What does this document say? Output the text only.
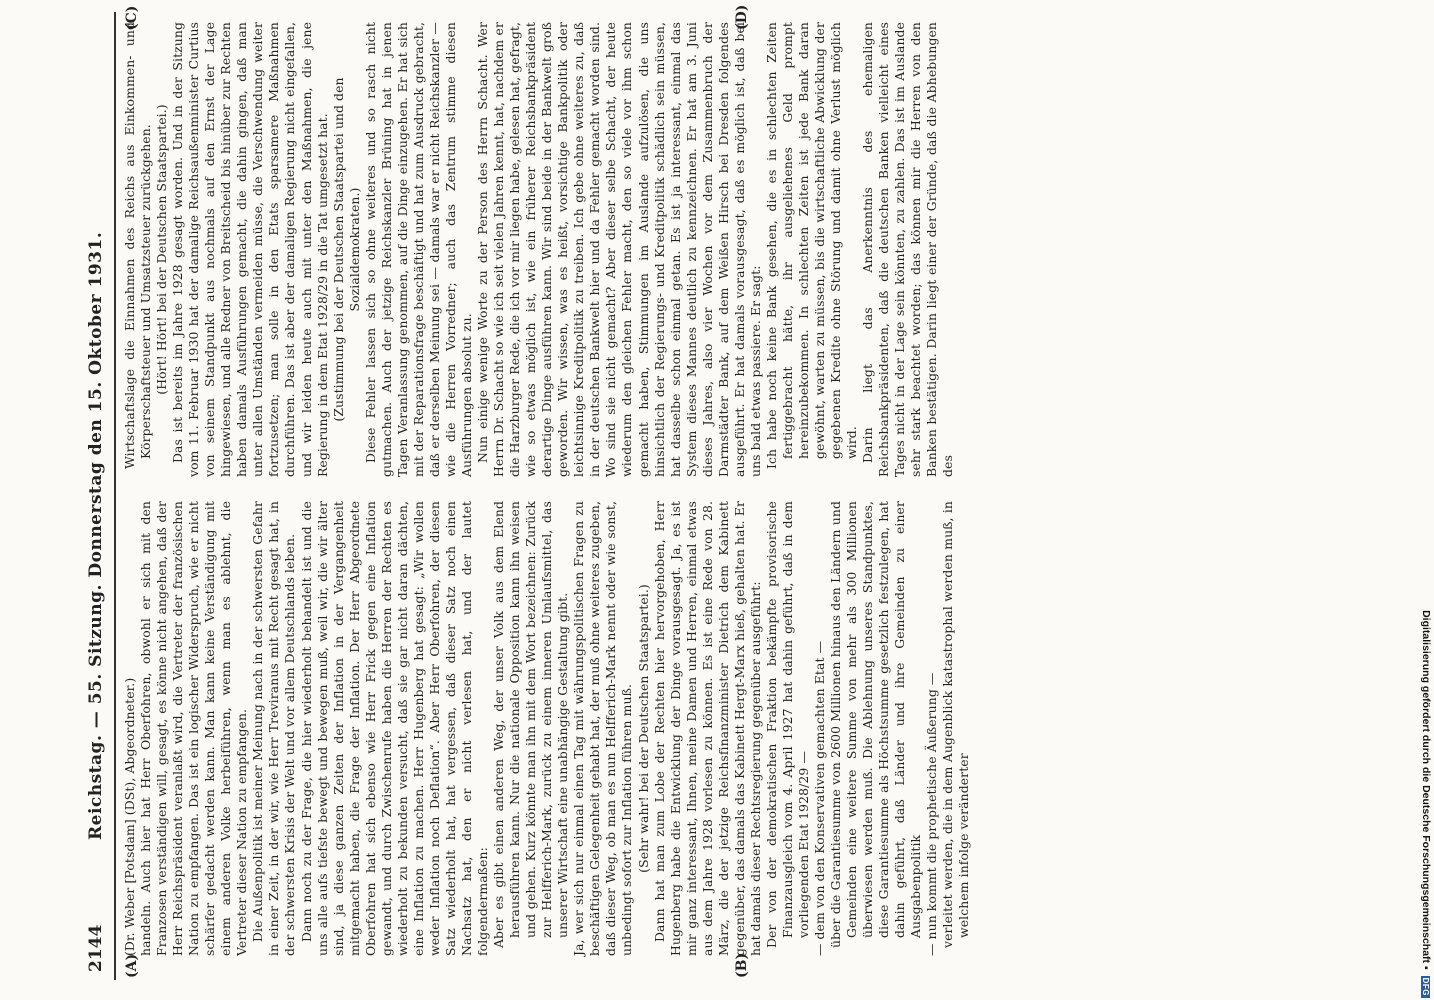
2144
Reichstag. — 55. Sitzung. Donnerstag den 15. Oktober 1931.
(A)	(B)
(C)	(D)

(Dr. Weber [Potsdam] (DSt), Abgeordneter.) handeln. Auch hier hat Herr Oberfohren, obwohl er sich mit den Franzosen verständigen will, gesagt, es könne nicht angehen, daß der Herr Reichspräsident veranlaßt wird, die Vertreter der französischen Nation zu empfangen. Das ist ein logischer Widerspruch, wie er nicht schärfer gedacht werden kann. Man kann keine Verständigung mit einem anderen Volke herbeiführen, wenn man es ablehnt, die Vertreter dieser Nation zu empfangen. Die Außenpolitik ist meiner Meinung nach in der schwersten Gefahr in einer Zeit, in der wir, wie Herr Treviranus mit Recht gesagt hat, in der schwersten Krisis der Welt und vor allem Deutschlands leben. Dann noch zu der Frage, die hier wiederholt behandelt ist und die uns alle aufs tiefste bewegt und bewegen muß, weil wir, die wir älter sind, ja diese ganzen Zeiten der Inflation in der Vergangenheit mitgemacht haben, die Frage der Inflation. Der Herr Abgeordnete Oberfohren hat sich ebenso wie Herr Frick gegen eine Inflation gewandt, und durch Zwischenrufe haben die Herren der Rechten es wiederholt zu bekunden versucht, daß sie gar nicht daran dächten, eine Inflation zu machen. Herr Hugenberg hat gesagt: „Wir wollen weder Inflation noch Deflation“. Aber Herr Oberfohren, der diesen Satz wiederholt hat, hat vergessen, daß dieser Satz noch einen Nachsatz hat, den er nicht verlesen hat, und der lautet folgendermaßen: Aber es gibt einen anderen Weg, der unser Volk aus dem Elend herausführen kann. Nur die nationale Opposition kann ihn weisen und gehen. Kurz könnte man ihn mit dem Wort bezeichnen: Zurück zur Helfferich-Mark, zurück zu einem inneren Umlaufsmittel, das unserer Wirtschaft eine unabhängige Gestaltung gibt. Ja, wer sich nur einmal einen Tag mit währungspolitischen Fragen zu beschäftigen Gelegenheit gehabt hat, der muß ohne weiteres zugeben, daß dieser Weg, ob man es nun Helfferich-Mark nennt oder wie sonst, unbedingt sofort zur Inflation führen muß. (Sehr wahr! bei der Deutschen Staatspartei.) Dann hat man zum Lobe der Rechten hier hervorgehoben, Herr Hugenberg habe die Entwicklung der Dinge vorausgesagt. Ja, es ist mir ganz interessant, Ihnen, meine Damen und Herren, einmal etwas aus dem Jahre 1928 vorlesen zu können. Es ist eine Rede von 28. März, die der jetzige Reichsfinanzminister Dietrich dem Kabinett gegenüber, das damals das Kabinett Hergt-Marx hieß, gehalten hat. Er hat damals dieser Rechtsregierung gegenüber ausgeführt: Der von der demokratischen Fraktion bekämpfte provisorische Finanzausgleich vom 4. April 1927 hat dahin geführt, daß in dem vorliegenden Etat 1928/29 — — dem von den Konservativen gemachten Etat — über die Garantiesumme von 2600 Millionen hinaus den Ländern und Gemeinden eine weitere Summe von mehr als 300 Millionen überwiesen werden muß. Die Ablehnung unseres Standpunktes, diese Garantiesumme als Höchstsumme gesetzlich festzulegen, hat dahin geführt, daß Länder und ihre Gemeinden zu einer Ausgabenpolitik — nun kommt die prophetische Äußerung — verleitet werden, die in dem Augenblick katastrophal werden muß, in welchem infolge veränderter

Wirtschaftslage die Einnahmen des Reichs aus Einkommen- und Körperschaftsteuer und Umsatzsteuer zurückgehen. (Hört! Hört! bei der Deutschen Staatspartei.) Das ist bereits im Jahre 1928 gesagt worden. Und in der Sitzung vom 11. Februar 1930 hat der damalige Reichsaußenminister Curtius von seinem Standpunkt aus nochmals auf den Ernst der Lage hingewiesen, und alle Redner von Breitscheid bis hinüber zur Rechten haben damals Ausführungen gemacht, die dahin gingen, daß man unter allen Umständen vermeiden müsse, die Verschwendung weiter fortzusetzen; man solle in den Etats sparsamere Maßnahmen durchführen. Das ist aber der damaligen Regierung nicht eingefallen, und wir leiden heute auch mit unter den Maßnahmen, die jene Regierung in dem Etat 1928/29 in die Tat umgesetzt hat. (Zustimmung bei der Deutschen Staatspartei und den Sozialdemokraten.) Diese Fehler lassen sich so ohne weiteres und so rasch nicht gutmachen. Auch der jetzige Reichskanzler Brüning hat in jenen Tagen Veranlassung genommen, auf die Dinge einzugehen. Er hat sich mit der Reparationsfrage beschäftigt und hat zum Ausdruck gebracht, daß er derselben Meinung sei — damals war er nicht Reichskanzler — wie die Herren Vorredner; auch das Zentrum stimme diesen Ausführungen absolut zu. Nun einige wenige Worte zu der Person des Herrn Schacht. Wer Herrn Dr. Schacht so wie ich seit vielen Jahren kennt, hat, nachdem er die Harzburger Rede, die ich vor mir liegen habe, gelesen hat, gefragt, wie so etwas möglich ist, wie ein früherer Reichsbankpräsident derartige Dinge ausführen kann. Wir sind beide in der Bankwelt groß geworden. Wir wissen, was es heißt, vorsichtige Bankpolitik oder leichtsinnige Kreditpolitik zu treiben. Ich gebe ohne weiteres zu, daß in der deutschen Bankwelt hier und da Fehler gemacht worden sind. Wo sind sie nicht gemacht? Aber dieser selbe Schacht, der heute wiederum den gleichen Fehler macht, den so viele vor ihm schon gemacht haben, Stimmungen im Auslande aufzulösen, die uns hinsichtlich der Regierungs- und Kreditpolitik schädlich sein müssen, hat dasselbe schon einmal getan. Es ist ja interessant, einmal das System dieses Mannes deutlich zu kennzeichnen. Er hat am 3. Juni dieses Jahres, also vier Wochen vor dem Zusammenbruch der Darmstädter Bank, auf dem Weißen Hirsch bei Dresden folgendes ausgeführt. Er hat damals vorausgesagt, daß es möglich ist, daß bei uns bald etwas passiere. Er sagt: Ich habe noch keine Bank gesehen, die es in schlechten Zeiten fertiggebracht hätte, ihr ausgeliehenes Geld prompt hereinzubekommen. In schlechten Zeiten ist jede Bank daran gewöhnt, warten zu müssen, bis die wirtschaftliche Abwicklung der gegebenen Kredite ohne Störung und damit ohne Verlust möglich wird. Darin liegt das Anerkenntnis des ehemaligen Reichsbankpräsidenten, daß die deutschen Banken vielleicht eines Tages nicht in der Lage sein könnten, zu zahlen. Das ist im Auslande sehr stark beachtet worden; das können mir die Herren von den Banken bestätigen. Darin liegt einer der Gründe, daß die Abhebungen des

Digitalisierung gefördert durch die Deutsche Forschungsgemeinschaft ▪ DFG
